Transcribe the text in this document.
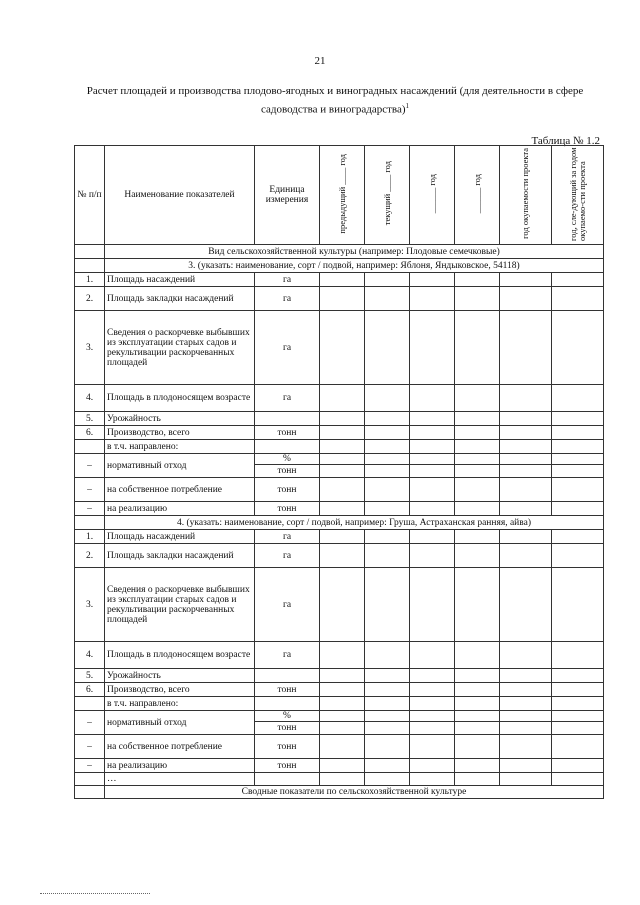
21
Расчет площадей и производства плодово-ягодных и виноградных насаждений (для деятельности в сфере садоводства и виноградарства)$^1$
Таблица № 1.2
№ п/п	Наименование показателей	Единица измерения	предыдущий ____ год	текущий ____ год	______ год	______ год	год окупаемости проекта	год, сле-дующий за годом окупаемо-сти проекта
	Вид сельскохозяйственной культуры (например: Плодовые семечковые)							
	3. (указать: наименование, сорт / подвой, например: Яблоня, Яндыковское, 54118)							
1.	Площадь насаждений	га						
2.	Площадь закладки насаждений	га						
3.	Сведения о раскорчевке выбывших из эксплуатации старых садов и рекультивации раскорчеванных площадей	га						
4.	Площадь в плодоносящем возрасте	га						
5.	Урожайность							
6.	Производство, всего	тонн						
	в т.ч. направлено:							
–	нормативный отход	%						
		тонн						
–	на собственное потребление	тонн						
–	на реализацию	тонн						
	4. (указать: наименование, сорт / подвой, например: Груша, Астраханская ранняя, айва)							
1.	Площадь насаждений	га						
2.	Площадь закладки насаждений	га						
3.	Сведения о раскорчевке выбывших из эксплуатации старых садов и рекультивации раскорчеванных площадей	га						
4.	Площадь в плодоносящем возрасте	га						
5.	Урожайность							
6.	Производство, всего	тонн						
	в т.ч. направлено:							
–	нормативный отход	%						
		тонн						
–	на собственное потребление	тонн						
–	на реализацию	тонн						
	…							
	Сводные показатели по сельскохозяйственной культуре							
